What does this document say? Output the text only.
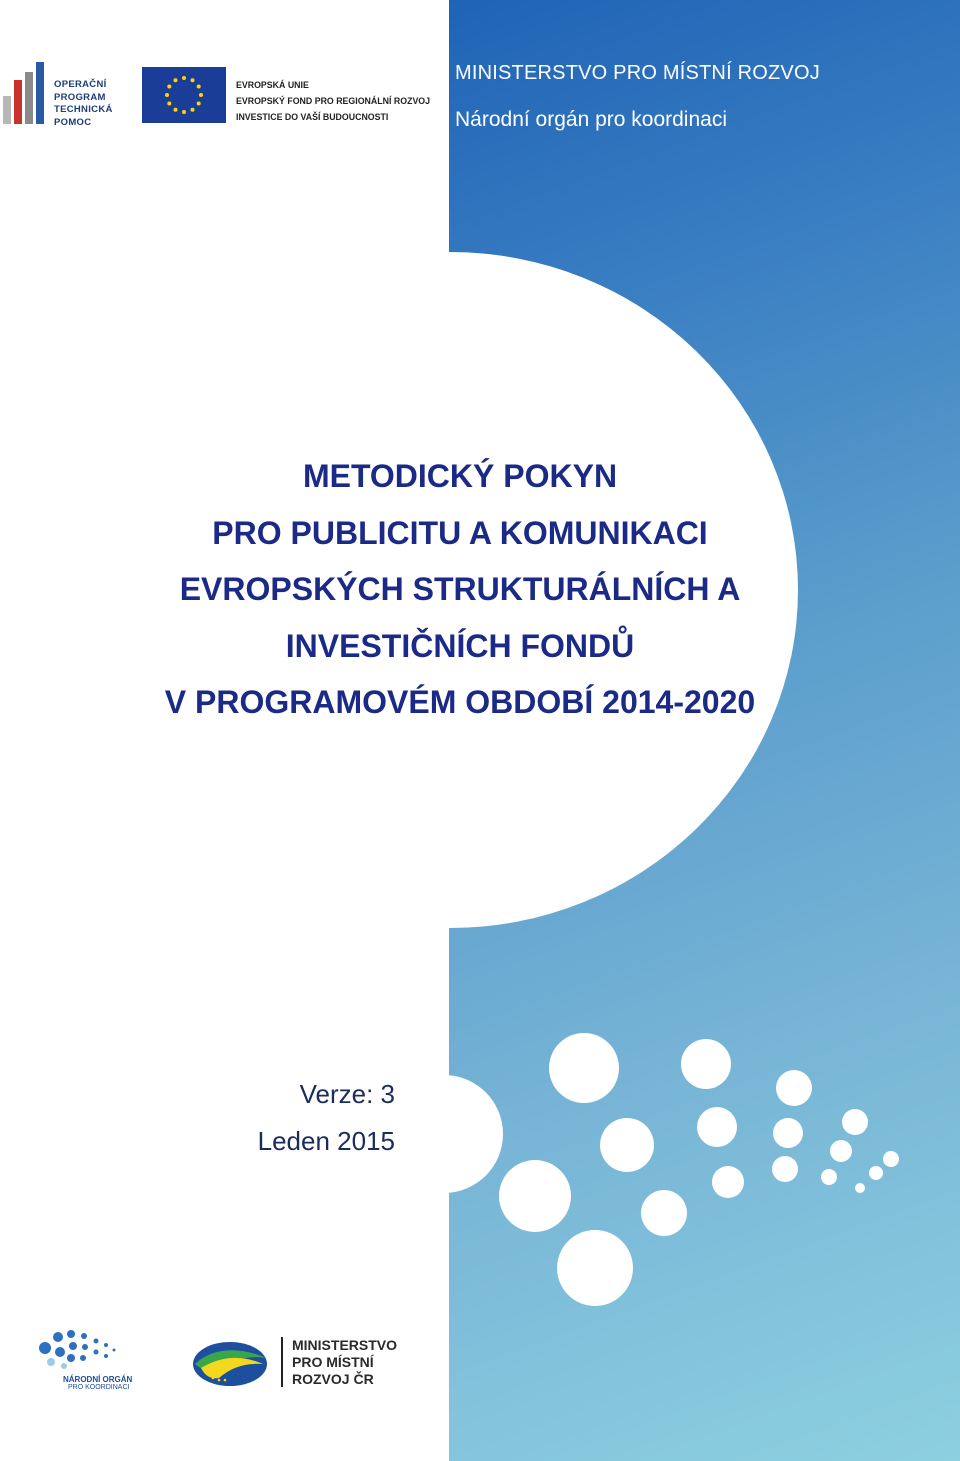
MINISTERSTVO PRO MÍSTNÍ ROZVOJ
Národní orgán pro koordinaci
OPERAČNÍ
PROGRAM
TECHNICKÁ
POMOC
EVROPSKÁ UNIE
EVROPSKÝ FOND PRO REGIONÁLNÍ ROZVOJ
INVESTICE DO VAŠÍ BUDOUCNOSTI
METODICKÝ POKYN
PRO PUBLICITU A KOMUNIKACI
EVROPSKÝCH STRUKTURÁLNÍCH A
INVESTIČNÍCH FONDŮ
V PROGRAMOVÉM OBDOBÍ 2014-2020
Verze: 3
Leden 2015
NÁRODNÍ ORGÁN
PRO KOORDINACI
MINISTERSTVO
PRO MÍSTNÍ
ROZVOJ ČR
